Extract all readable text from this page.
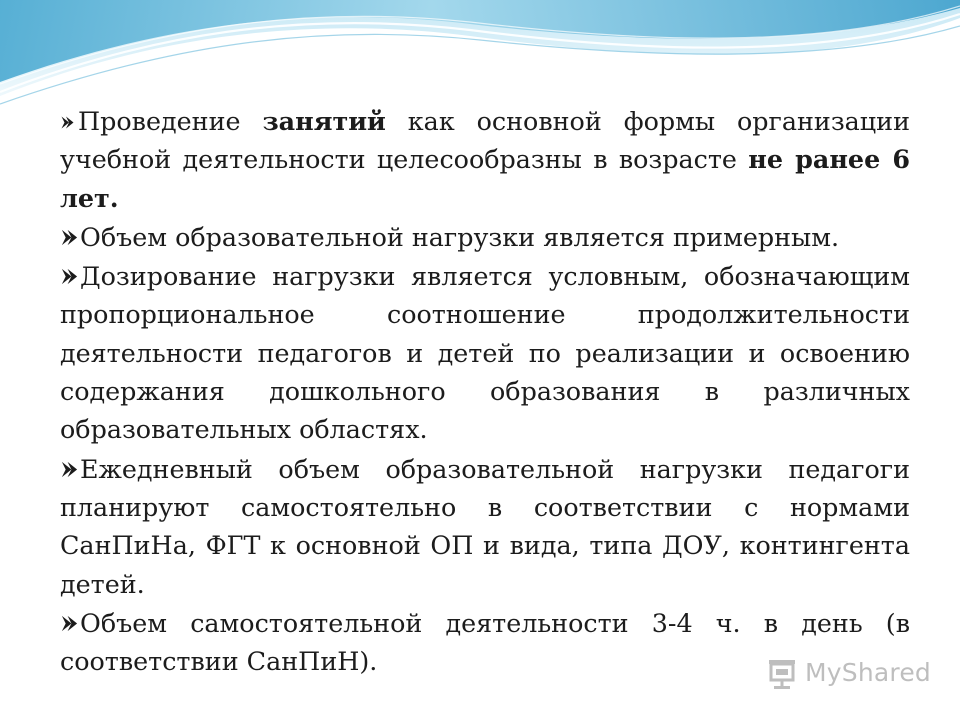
Проведение занятий как основной формы организации учебной деятельности целесообразны в возрасте не ранее 6 лет.

Объем образовательной нагрузки является примерным.

Дозирование нагрузки является условным, обозначающим пропорциональное соотношение продолжительности деятельности педагогов и детей по реализации и освоению содержания дошкольного образования в различных образовательных областях.

Ежедневный объем образовательной нагрузки педагоги планируют самостоятельно в соответствии с нормами СанПиНа, ФГТ к основной ОП и вида, типа ДОУ, контингента детей.

Объем самостоятельной деятельности 3-4 ч. в день (в соответствии СанПиН).	MyShared
